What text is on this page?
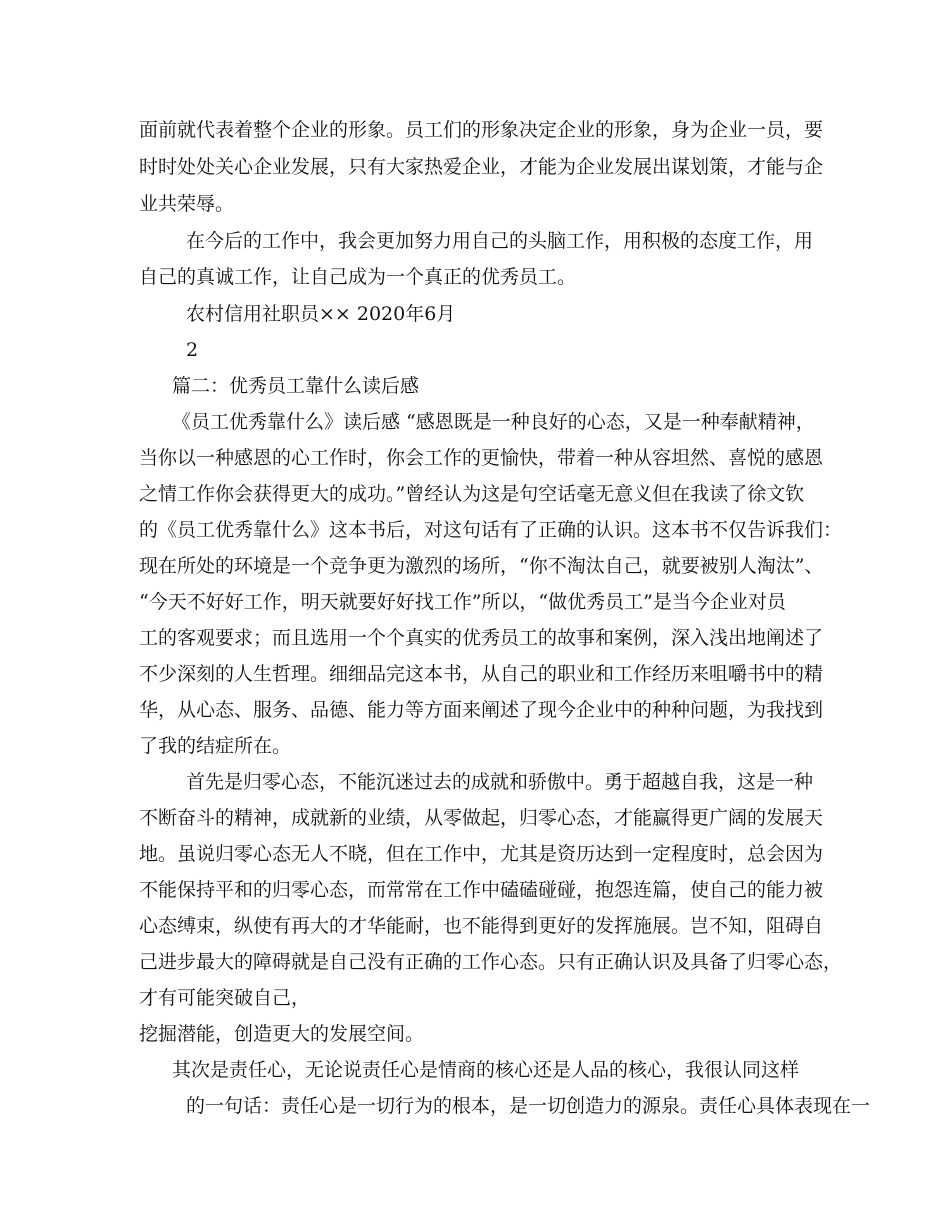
面前就代表着整个企业的形象。员工们的形象决定企业的形象，身为企业一员，要
时时处处关心企业发展，只有大家热爱企业，才能为企业发展出谋划策，才能与企
业共荣辱。
在今后的工作中，我会更加努力用自己的头脑工作，用积极的态度工作，用
自己的真诚工作，让自己成为一个真正的优秀员工。
农村信用社职员×× 2020年6月
2
篇二：优秀员工靠什么读后感
《员工优秀靠什么》读后感 “感恩既是一种良好的心态，又是一种奉献精神，
当你以一种感恩的心工作时，你会工作的更愉快，带着一种从容坦然、喜悦的感恩
之情工作你会获得更大的成功。”曾经认为这是句空话毫无意义但在我读了徐文钦
的《员工优秀靠什么》这本书后，对这句话有了正确的认识。这本书不仅告诉我们：
现在所处的环境是一个竞争更为激烈的场所，“你不淘汰自己，就要被别人淘汰”、
“今天不好好工作，明天就要好好找工作”所以，“做优秀员工”是当今企业对员
工的客观要求；而且选用一个个真实的优秀员工的故事和案例，深入浅出地阐述了
不少深刻的人生哲理。细细品完这本书，从自己的职业和工作经历来咀嚼书中的精
华，从心态、服务、品德、能力等方面来阐述了现今企业中的种种问题，为我找到
了我的结症所在。
首先是归零心态，不能沉迷过去的成就和骄傲中。勇于超越自我，这是一种
不断奋斗的精神，成就新的业绩，从零做起，归零心态，才能赢得更广阔的发展天
地。虽说归零心态无人不晓，但在工作中，尤其是资历达到一定程度时，总会因为
不能保持平和的归零心态，而常常在工作中磕磕碰碰，抱怨连篇，使自己的能力被
心态缚束，纵使有再大的才华能耐，也不能得到更好的发挥施展。岂不知，阻碍自
己进步最大的障碍就是自己没有正确的工作心态。只有正确认识及具备了归零心态，
才有可能突破自己，
挖掘潜能，创造更大的发展空间。
其次是责任心，无论说责任心是情商的核心还是人品的核心，我很认同这样
的一句话：责任心是一切行为的根本，是一切创造力的源泉。责任心具体表现在一
